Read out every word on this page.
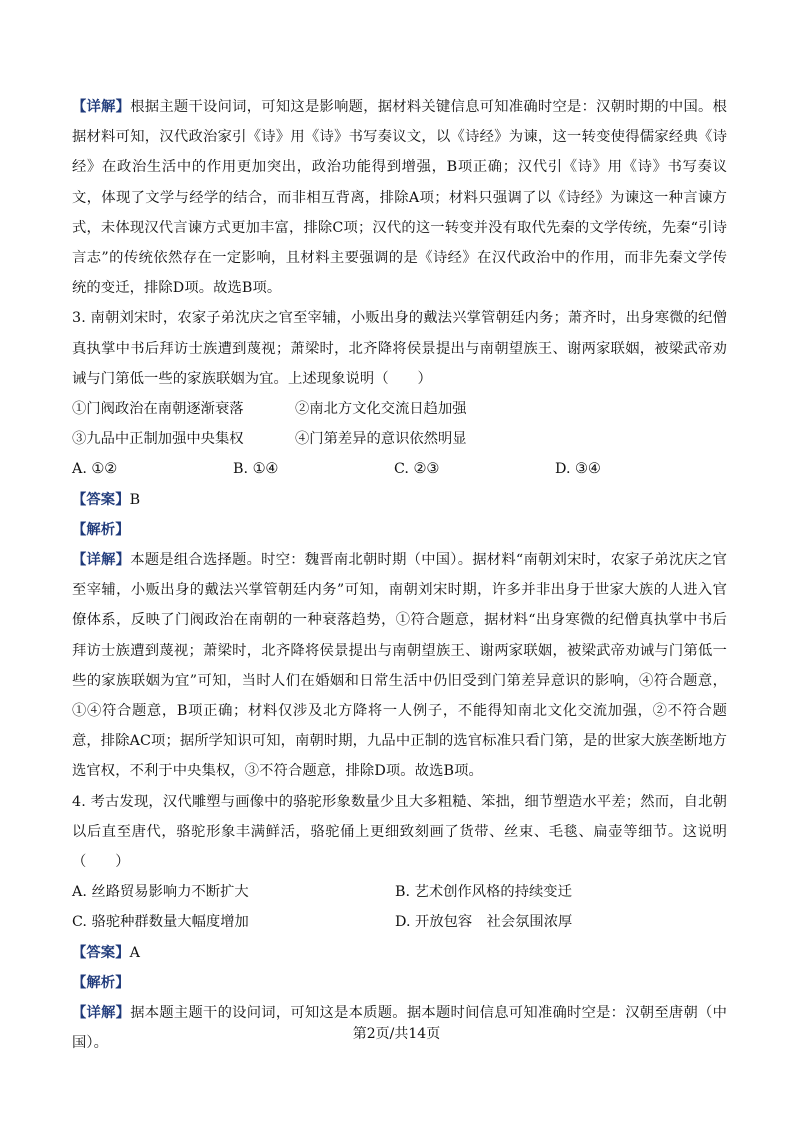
【详解】根据主题干设问词，可知这是影响题，据材料关键信息可知准确时空是：汉朝时期的中国。根据材料可知，汉代政治家引《诗》用《诗》书写奏议文，以《诗经》为谏，这一转变使得儒家经典《诗经》在政治生活中的作用更加突出，政治功能得到增强，B项正确；汉代引《诗》用《诗》书写奏议文，体现了文学与经学的结合，而非相互背离，排除A项；材料只强调了以《诗经》为谏这一种言谏方式，未体现汉代言谏方式更加丰富，排除C项；汉代的这一转变并没有取代先秦的文学传统，先秦“引诗言志”的传统依然存在一定影响，且材料主要强调的是《诗经》在汉代政治中的作用，而非先秦文学传统的变迁，排除D项。故选B项。

3. 南朝刘宋时，农家子弟沈庆之官至宰辅，小贩出身的戴法兴掌管朝廷内务；萧齐时，出身寒微的纪僧真执掌中书后拜访士族遭到蔑视；萧梁时，北齐降将侯景提出与南朝望族王、谢两家联姻，被梁武帝劝诫与门第低一些的家族联姻为宜。上述现象说明（　　）

①门阀政治在南朝逐渐衰落	②南北方文化交流日趋加强
③九品中正制加强中央集权	④门第差异的意识依然明显
A. ①②	B. ①④	C. ②③	D. ③④

【答案】B

【解析】

【详解】本题是组合选择题。时空：魏晋南北朝时期（中国）。据材料“南朝刘宋时，农家子弟沈庆之官至宰辅，小贩出身的戴法兴掌管朝廷内务”可知，南朝刘宋时期，许多并非出身于世家大族的人进入官僚体系，反映了门阀政治在南朝的一种衰落趋势，①符合题意，据材料“出身寒微的纪僧真执掌中书后拜访士族遭到蔑视；萧梁时，北齐降将侯景提出与南朝望族王、谢两家联姻，被梁武帝劝诫与门第低一些的家族联姻为宜”可知，当时人们在婚姻和日常生活中仍旧受到门第差异意识的影响，④符合题意，①④符合题意，B项正确；材料仅涉及北方降将一人例子，不能得知南北文化交流加强，②不符合题意，排除AC项；据所学知识可知，南朝时期，九品中正制的选官标准只看门第，是的世家大族垄断地方选官权，不利于中央集权，③不符合题意，排除D项。故选B项。

4. 考古发现，汉代雕塑与画像中的骆驼形象数量少且大多粗糙、笨拙，细节塑造水平差；然而，自北朝以后直至唐代，骆驼形象丰满鲜活，骆驼俑上更细致刻画了货带、丝束、毛毯、扁壶等细节。这说明（　　）

A. 丝路贸易影响力不断扩大	B. 艺术创作风格的持续变迁
C. 骆驼种群数量大幅度增加	D. 开放包容　社会氛围浓厚

【答案】A

【解析】

【详解】据本题主题干的设问词，可知这是本质题。据本题时间信息可知准确时空是：汉朝至唐朝（中国）。

第2页/共14页
